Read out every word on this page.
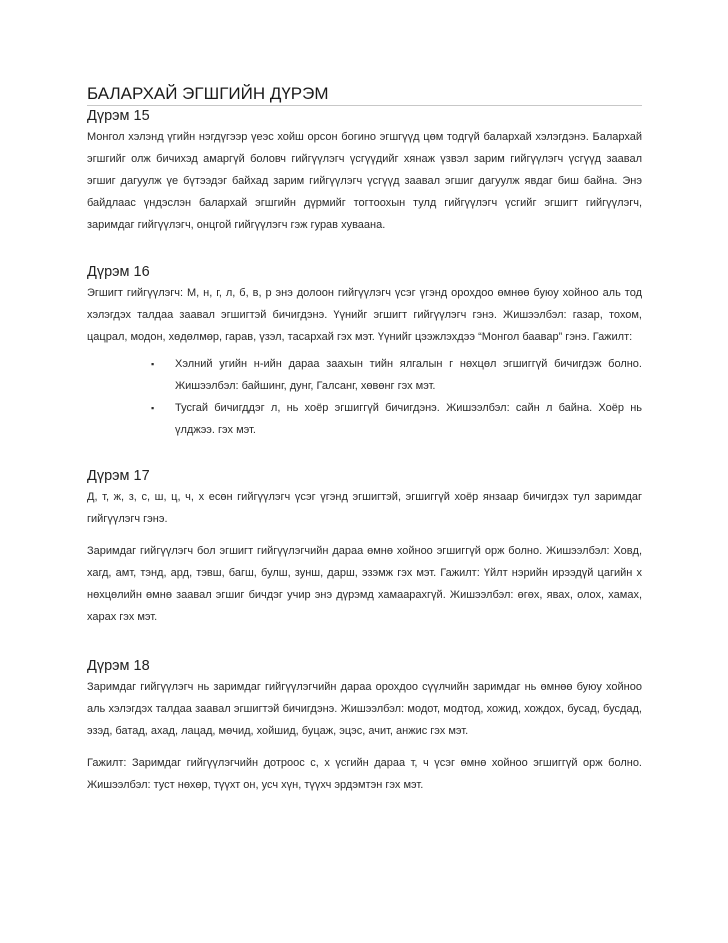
БАЛАРХАЙ ЭГШГИЙН ДҮРЭМ
Дүрэм 15

Монгол хэлэнд үгийн нэгдүгээр үеэс хойш орсон богино эгшгүүд цөм тодгүй балархай хэлэгдэнэ. Балархай эгшгийг олж бичихэд амаргүй боловч гийгүүлэгч үсгүүдийг хянаж үзвэл зарим гийгүүлэгч үсгүүд заавал эгшиг дагуулж үе бүтээдэг байхад зарим гийгүүлэгч үсгүүд заавал эгшиг дагуулж явдаг биш байна. Энэ байдлаас үндэслэн балархай эгшгийн дүрмийг тогтоохын тулд гийгүүлэгч үсгийг эгшигт гийгүүлэгч, заримдаг гийгүүлэгч, онцгой гийгүүлэгч гэж гурав хуваана.

Дүрэм 16

Эгшигт гийгүүлэгч: М, н, г, л, б, в, р энэ долоон гийгүүлэгч үсэг үгэнд орохдоо өмнөө буюу хойноо аль тод хэлэгдэх талдаа заавал эгшигтэй бичигдэнэ. Үүнийг эгшигт гийгүүлэгч гэнэ. Жишээлбэл: газар, тохом, цацрал, модон, хөдөлмөр, гарав, үзэл, тасархай гэх мэт. Үүнийг цээжлэхдээ “Монгол баавар” гэнэ. Гажилт:

▪ Хэлний угийн н-ийн дараа заахын тийн ялгалын г нөхцөл эгшиггүй бичигдэж болно. Жишээлбэл: байшинг, дунг, Галсанг, хөвөнг гэх мэт.
▪ Тусгай бичигддэг л, нь хоёр эгшиггүй бичигдэнэ. Жишээлбэл: сайн л байна. Хоёр нь үлджээ. гэх мэт.
Дүрэм 17

Д, т, ж, з, с, ш, ц, ч, х есөн гийгүүлэгч үсэг үгэнд эгшигтэй, эгшиггүй хоёр янзаар бичигдэх тул заримдаг гийгүүлэгч гэнэ.

Заримдаг гийгүүлэгч бол эгшигт гийгүүлэгчийн дараа өмнө хойноо эгшиггүй орж болно. Жишээлбэл: Ховд, хагд, амт, тэнд, ард, тэвш, багш, булш, зунш, дарш, эзэмж гэх мэт. Гажилт: Үйлт нэрийн ирээдүй цагийн х нөхцөлийн өмнө заавал эгшиг бичдэг учир энэ дүрэмд хамаарахгүй. Жишээлбэл: өгөх, явах, олох, хамах, харах гэх мэт.

Дүрэм 18

Заримдаг гийгүүлэгч нь заримдаг гийгүүлэгчийн дараа орохдоо сүүлчийн заримдаг нь өмнөө буюу хойноо аль хэлэгдэх талдаа заавал эгшигтэй бичигдэнэ. Жишээлбэл: модот, модтод, хожид, хождох, бусад, бусдад, эзэд, батад, ахад, лацад, мөчид, хойшид, буцаж, эцэс, ачит, анжис гэх мэт.

Гажилт: Заримдаг гийгүүлэгчийн дотроос с, х үсгийн дараа т, ч үсэг өмнө хойноо эгшиггүй орж болно. Жишээлбэл: туст нөхөр, түүхт он, усч хүн, түүхч эрдэмтэн гэх мэт.
